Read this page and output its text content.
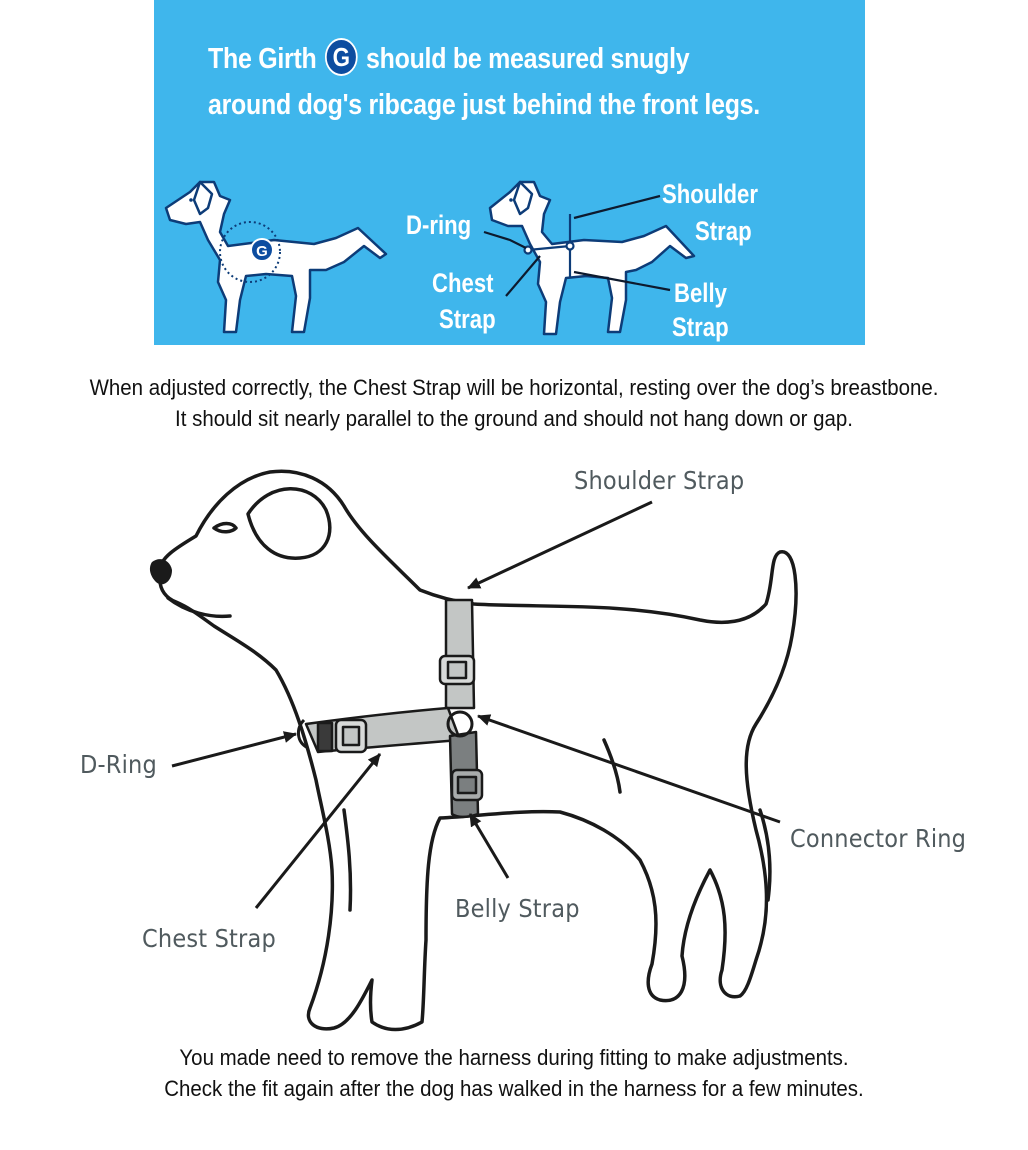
G
The Girth G should be measured snugly
around dog's ribcage just behind the front legs.
D-ring
Chest
Strap
Shoulder
Strap
Belly
Strap
When adjusted correctly, the Chest Strap will be horizontal, resting over the dog’s breastbone.
It should sit nearly parallel to the ground and should not hang down or gap.
Shoulder Strap
D-Ring
Connector Ring
Chest Strap
Belly Strap
You made need to remove the harness during fitting to make adjustments.
Check the fit again after the dog has walked in the harness for a few minutes.
